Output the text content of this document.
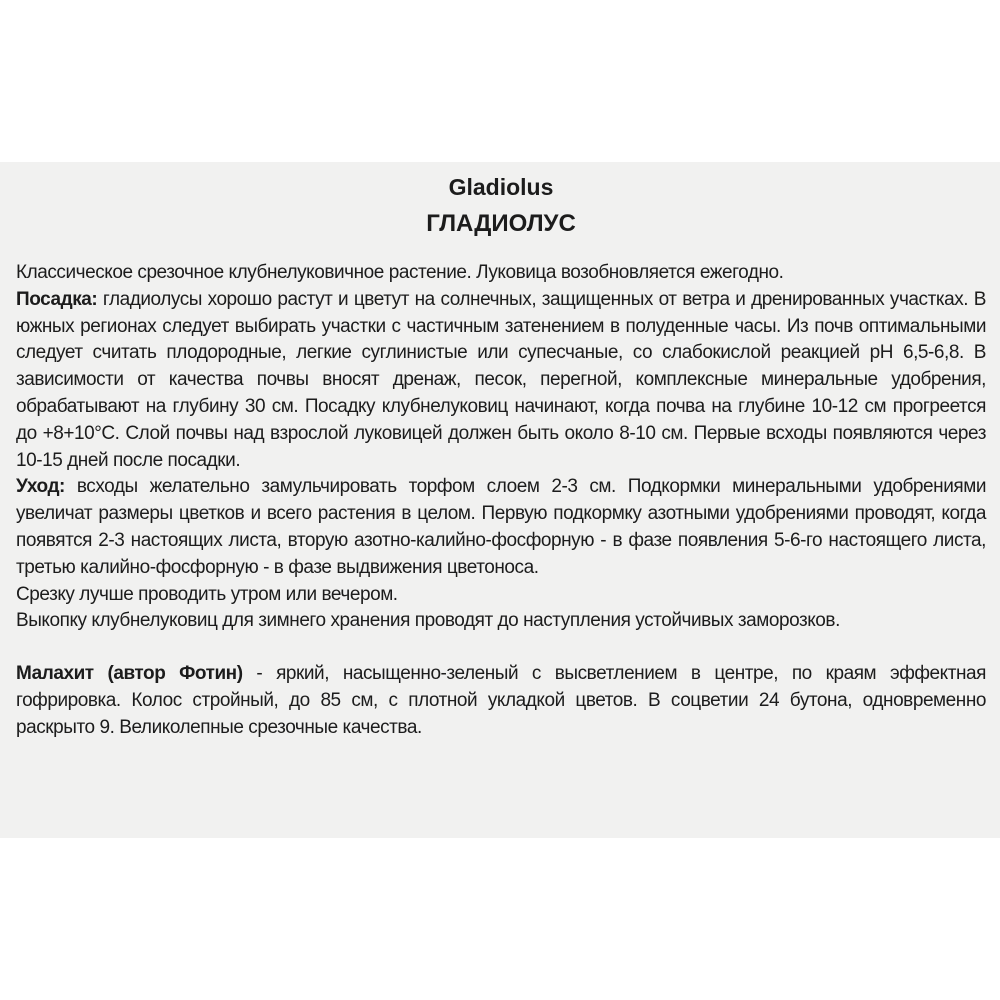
Gladiolus
ГЛАДИОЛУС

Классическое срезочное клубнелуковичное растение. Луковица возобновляется ежегодно.

Посадка: гладиолусы хорошо растут и цветут на солнечных, защищенных от ветра и дренированных участках. В южных регионах следует выбирать участки с частичным затенением в полуденные часы. Из почв оптимальными следует считать плодородные, легкие суглинистые или супесчаные, со слабокислой реакцией pH 6,5-6,8. В зависимости от качества почвы вносят дренаж, песок, перегной, комплексные минеральные удобрения, обрабатывают на глубину 30 см. Посадку клубнелуковиц начинают, когда почва на глубине 10-12 см прогреется до +8+10°С. Слой почвы над взрослой луковицей должен быть около 8-10 см. Первые всходы появляются через 10-15 дней после посадки.

Уход: всходы желательно замульчировать торфом слоем 2-3 см. Подкормки минеральными удобрениями увеличат размеры цветков и всего растения в целом. Первую подкормку азотными удобрениями проводят, когда появятся 2-3 настоящих листа, вторую азотно-калийно-фосфорную - в фазе появления 5-6-го настоящего листа, третью калийно-фосфорную - в фазе выдвижения цветоноса.

Срезку лучше проводить утром или вечером.

Выкопку клубнелуковиц для зимнего хранения проводят до наступления устойчивых заморозков.

Малахит (автор Фотин) - яркий, насыщенно-зеленый с высветлением в центре, по краям эффектная гофрировка. Колос стройный, до 85 см, с плотной укладкой цветов. В соцветии 24 бутона, одновременно раскрыто 9. Великолепные срезочные качества.
